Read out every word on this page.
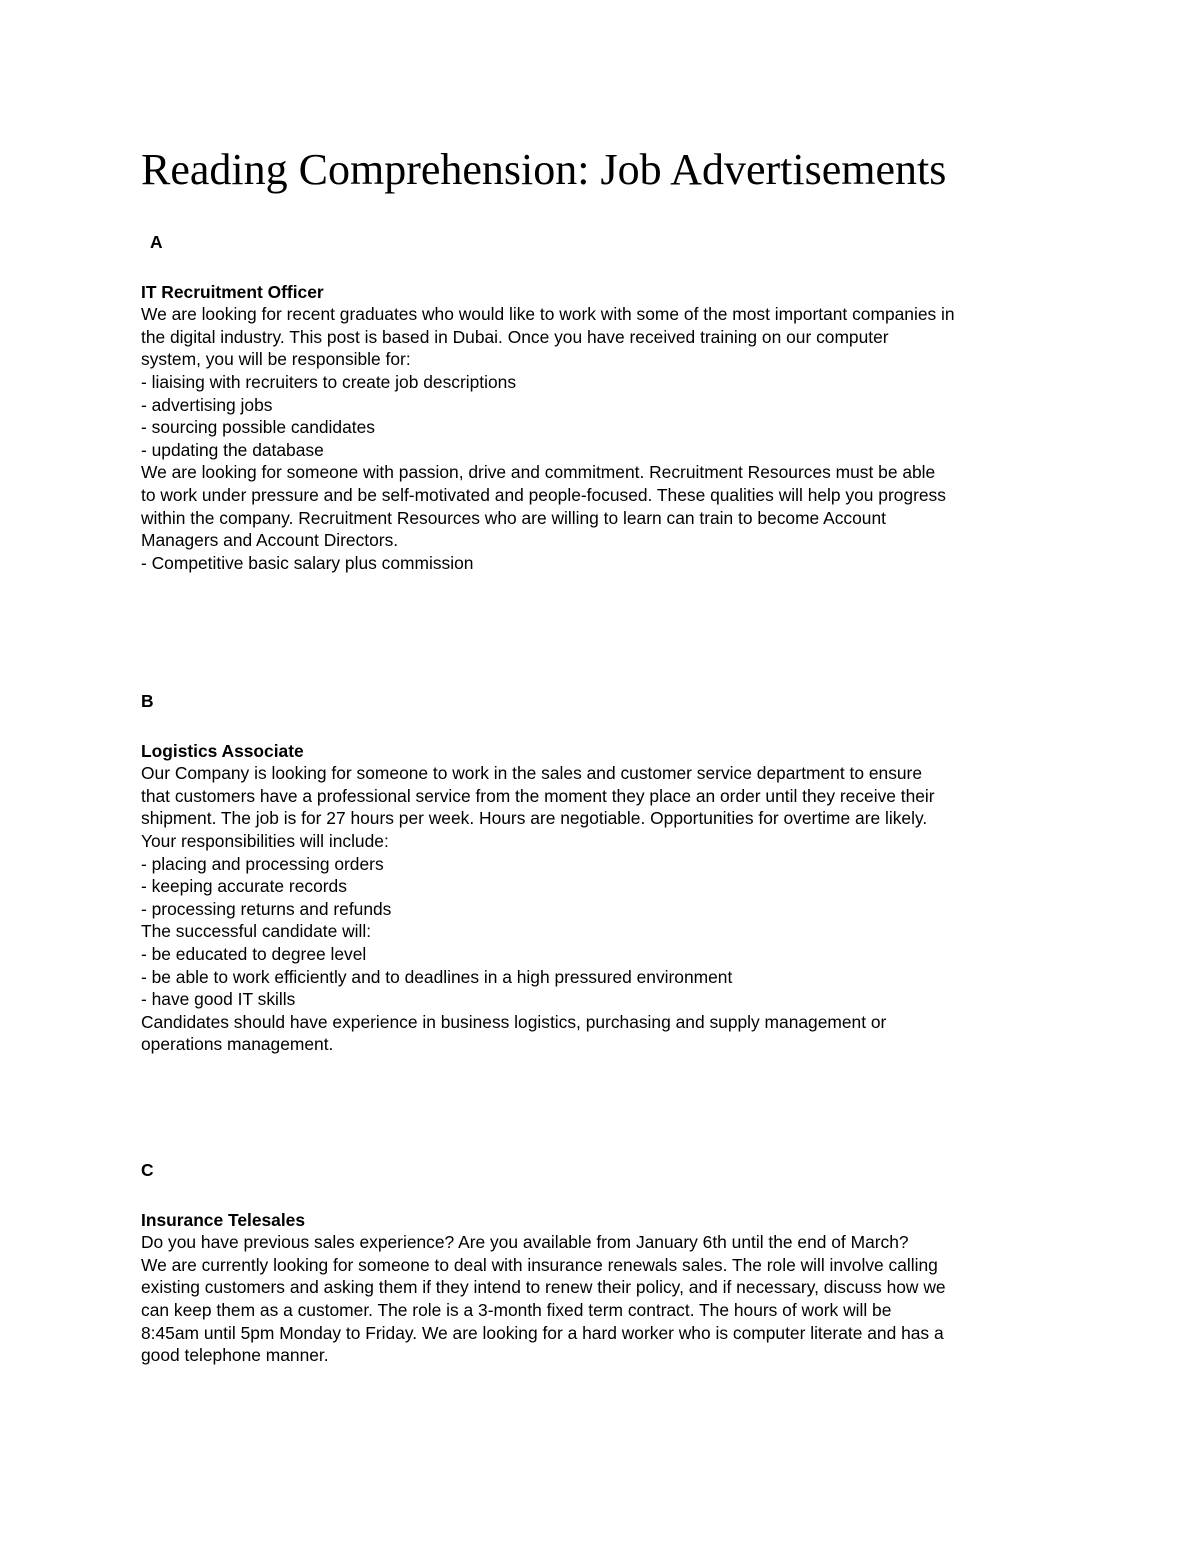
Reading Comprehension: Job Advertisements
A
IT Recruitment Officer
We are looking for recent graduates who would like to work with some of the most important companies in
the digital industry. This post is based in Dubai. Once you have received training on our computer
system, you will be responsible for:
- liaising with recruiters to create job descriptions
- advertising jobs
- sourcing possible candidates
- updating the database
We are looking for someone with passion, drive and commitment. Recruitment Resources must be able
to work under pressure and be self-motivated and people-focused. These qualities will help you progress
within the company. Recruitment Resources who are willing to learn can train to become Account
Managers and Account Directors.
- Competitive basic salary plus commission
B
Logistics Associate
Our Company is looking for someone to work in the sales and customer service department to ensure
that customers have a professional service from the moment they place an order until they receive their
shipment. The job is for 27 hours per week. Hours are negotiable. Opportunities for overtime are likely.
Your responsibilities will include:
- placing and processing orders
- keeping accurate records
- processing returns and refunds
The successful candidate will:
- be educated to degree level
- be able to work efficiently and to deadlines in a high pressured environment
- have good IT skills
Candidates should have experience in business logistics, purchasing and supply management or
operations management.
C
Insurance Telesales
Do you have previous sales experience? Are you available from January 6th until the end of March?
We are currently looking for someone to deal with insurance renewals sales. The role will involve calling
existing customers and asking them if they intend to renew their policy, and if necessary, discuss how we
can keep them as a customer. The role is a 3-month fixed term contract. The hours of work will be
8:45am until 5pm Monday to Friday. We are looking for a hard worker who is computer literate and has a
good telephone manner.
